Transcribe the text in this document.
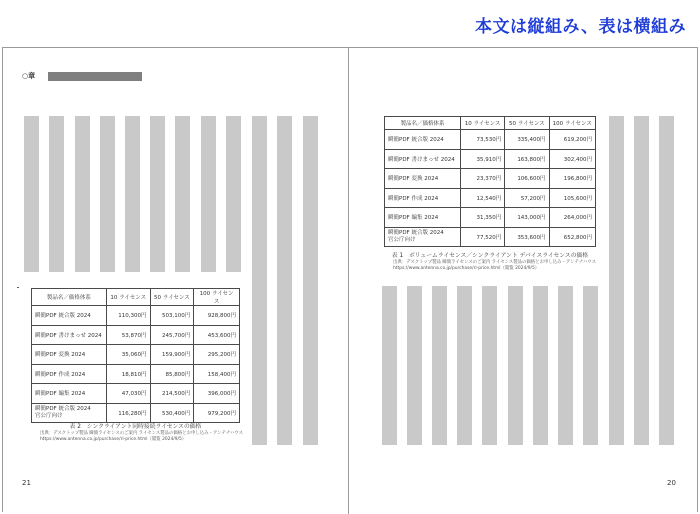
本文は縦組み、表は横組み
○章
製品名／価格体系	10 ライセンス	50 ライセンス	100 ライセンス
瞬簡PDF 統合版 2024	110,300円	503,100円	928,800円
瞬簡PDF 書けまっせ 2024	53,870円	245,700円	453,600円
瞬簡PDF 変換 2024	35,060円	159,900円	295,200円
瞬簡PDF 作成 2024	18,810円	85,800円	158,400円
瞬簡PDF 編集 2024	47,030円	214,500円	396,000円
瞬簡PDF 統合版 2024
官公庁向け	116,280円	530,400円	979,200円
表 2　シンクライアント同時接続ライセンスの価格
出典：デスクトップ製品 瞬簡ライセンスのご案内 ライセンス製品の価格とお申し込み - アンテナハウス
https://www.antenna.co.jp/purchase/ri-price.html（閲覧 2024/9/5）
21
製品名／価格体系	10 ライセンス	50 ライセンス	100 ライセンス
瞬簡PDF 統合版 2024	73,530円	335,400円	619,200円
瞬簡PDF 書けまっせ 2024	35,910円	163,800円	302,400円
瞬簡PDF 変換 2024	23,370円	106,600円	196,800円
瞬簡PDF 作成 2024	12,540円	57,200円	105,600円
瞬簡PDF 編集 2024	31,350円	143,000円	264,000円
瞬簡PDF 統合版 2024
官公庁向け	77,520円	353,600円	652,800円
表 1　ボリュームライセンス／シンクライアント デバイスライセンスの価格
出典：デスクトップ製品 瞬簡ライセンスのご案内 ライセンス製品の価格とお申し込み - アンテナハウス
https://www.antenna.co.jp/purchase/ri-price.html（閲覧 2024/9/5）
20
